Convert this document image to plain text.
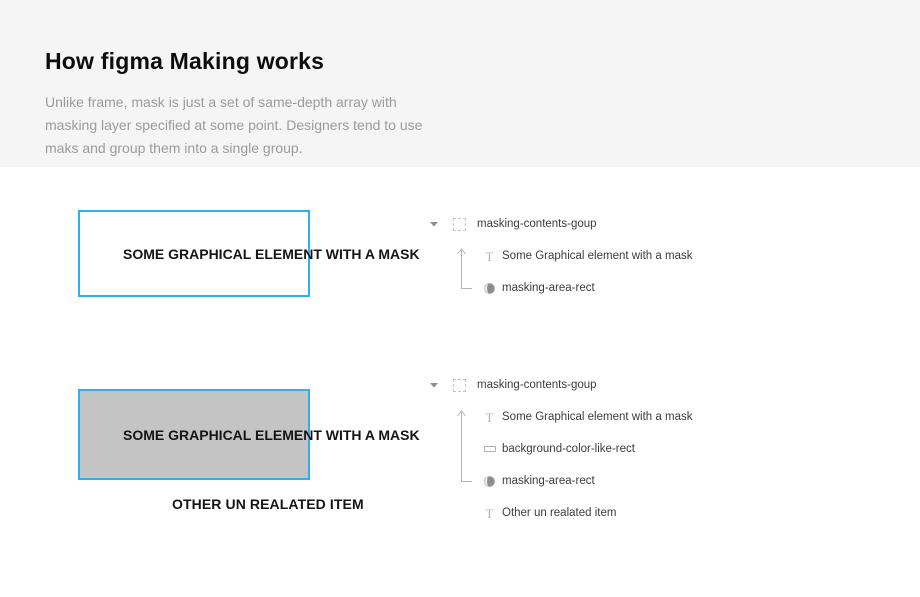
How figma Making works
Unlike frame, mask is just a set of same-depth array with
masking layer specified at some point. Designers tend to use
maks and group them into a single group.
SOME GRAPHICAL ELEMENT WITH A MASK
masking-contents-goup
T Some Graphical element with a mask
masking-area-rect
SOME GRAPHICAL ELEMENT WITH A MASK
OTHER UN REALATED ITEM
masking-contents-goup
T Some Graphical element with a mask
background-color-like-rect
masking-area-rect
T Other un realated item
